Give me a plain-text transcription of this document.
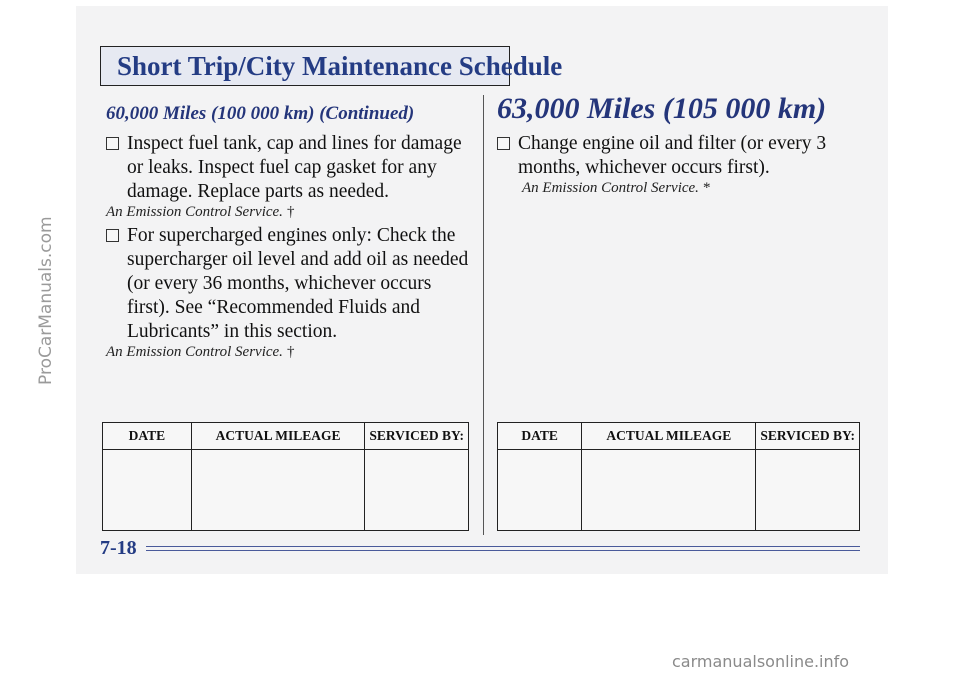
Short Trip/City Maintenance Schedule
60,000 Miles (100 000 km) (Continued)	63,000 Miles (105 000 km)
Inspect fuel tank, cap and lines for damage or leaks. Inspect fuel cap gasket for any damage. Replace parts as needed.
An Emission Control Service. †
For supercharged engines only: Check the supercharger oil level and add oil as needed (or every 36 months, whichever occurs first). See “Recommended Fluids and Lubricants” in this section.
An Emission Control Service. †
Change engine oil and filter (or every 3 months, whichever occurs first).
An Emission Control Service. *
DATE	ACTUAL MILEAGE	SERVICED BY:
			DATE	ACTUAL MILEAGE	SERVICED BY:

7-18
ProCarManuals.com
carmanualsonline.info
